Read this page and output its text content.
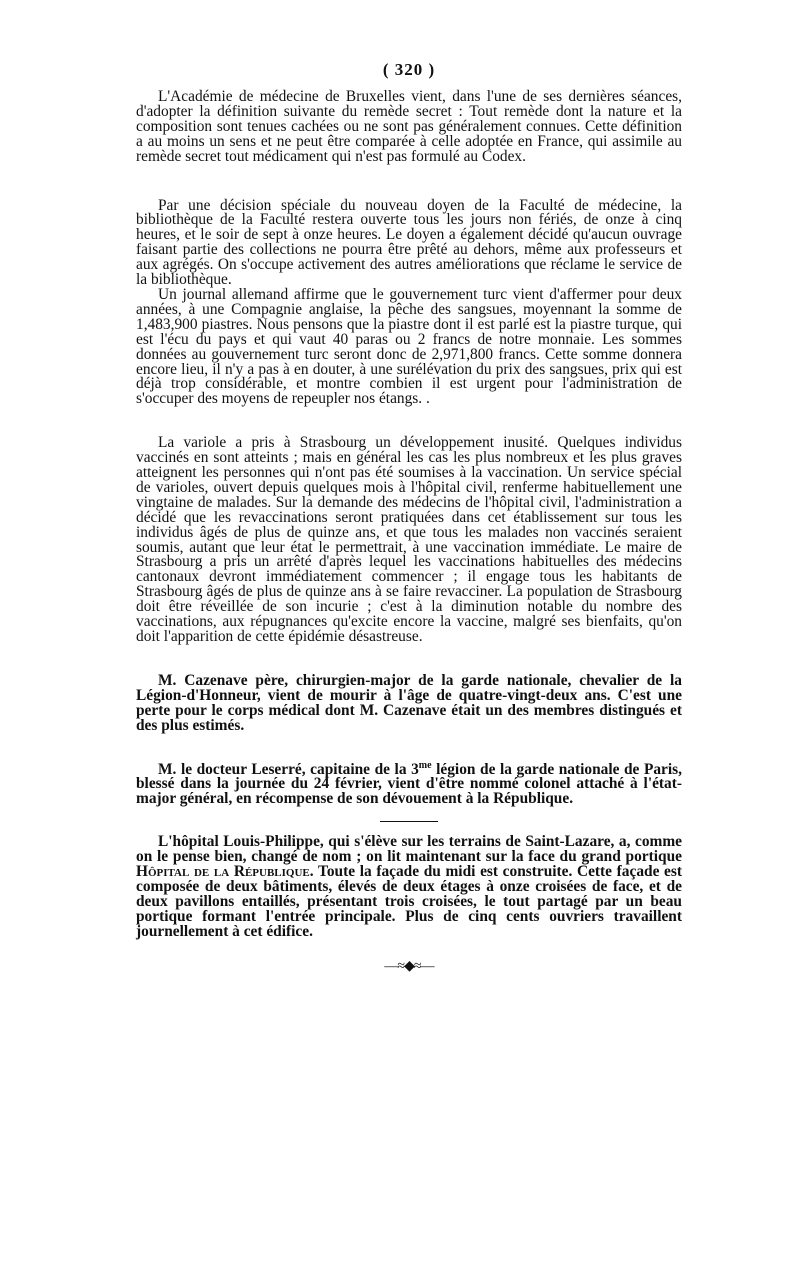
( 320 )

L'Académie de médecine de Bruxelles vient, dans l'une de ses dernières séances, d'adopter la définition suivante du remède secret : Tout remède dont la nature et la composition sont tenues cachées ou ne sont pas généralement connues. Cette définition a au moins un sens et ne peut être comparée à celle adoptée en France, qui assimile au remède secret tout médicament qui n'est pas formulé au Codex.

Par une décision spéciale du nouveau doyen de la Faculté de médecine, la bibliothèque de la Faculté restera ouverte tous les jours non fériés, de onze à cinq heures, et le soir de sept à onze heures. Le doyen a également décidé qu'aucun ouvrage faisant partie des collections ne pourra être prêté au dehors, même aux professeurs et aux agrégés. On s'occupe activement des autres améliorations que réclame le service de la bibliothèque.

Un journal allemand affirme que le gouvernement turc vient d'affermer pour deux années, à une Compagnie anglaise, la pêche des sangsues, moyennant la somme de 1,483,900 piastres. Nous pensons que la piastre dont il est parlé est la piastre turque, qui est l'écu du pays et qui vaut 40 paras ou 2 francs de notre monnaie. Les sommes données au gouvernement turc seront donc de 2,971,800 francs. Cette somme donnera encore lieu, il n'y a pas à en douter, à une surélévation du prix des sangsues, prix qui est déjà trop considérable, et montre combien il est urgent pour l'administration de s'occuper des moyens de repeupler nos étangs. .

La variole a pris à Strasbourg un développement inusité. Quelques individus vaccinés en sont atteints ; mais en général les cas les plus nombreux et les plus graves atteignent les personnes qui n'ont pas été soumises à la vaccination. Un service spécial de varioles, ouvert depuis quelques mois à l'hôpital civil, renferme habituellement une vingtaine de malades. Sur la demande des médecins de l'hôpital civil, l'administration a décidé que les revaccinations seront pratiquées dans cet établissement sur tous les individus âgés de plus de quinze ans, et que tous les malades non vaccinés seraient soumis, autant que leur état le permettrait, à une vaccination immédiate. Le maire de Strasbourg a pris un arrêté d'après lequel les vaccinations habituelles des médecins cantonaux devront immédiatement commencer ; il engage tous les habitants de Strasbourg âgés de plus de quinze ans à se faire revacciner. La population de Strasbourg doit être réveillée de son incurie ; c'est à la diminution notable du nombre des vaccinations, aux répugnances qu'excite encore la vaccine, malgré ses bienfaits, qu'on doit l'apparition de cette épidémie désastreuse.

M. Cazenave père, chirurgien-major de la garde nationale, chevalier de la Légion-d'Honneur, vient de mourir à l'âge de quatre-vingt-deux ans. C'est une perte pour le corps médical dont M. Cazenave était un des membres distingués et des plus estimés.

M. le docteur Leserré, capitaine de la $3^{me}$ légion de la garde nationale de Paris, blessé dans la journée du 24 février, vient d'être nommé colonel attaché à l'état-major général, en récompense de son dévouement à la République.

L'hôpital Louis-Philippe, qui s'élève sur les terrains de Saint-Lazare, a, comme on le pense bien, changé de nom ; on lit maintenant sur la face du grand portique Hôpital de la République. Toute la façade du midi est construite. Cette façade est composée de deux bâtiments, élevés de deux étages à onze croisées de face, et de deux pavillons entaillés, présentant trois croisées, le tout partagé par un beau portique formant l'entrée principale. Plus de cinq cents ouvriers travaillent journellement à cet édifice.

—≈◆≈—
